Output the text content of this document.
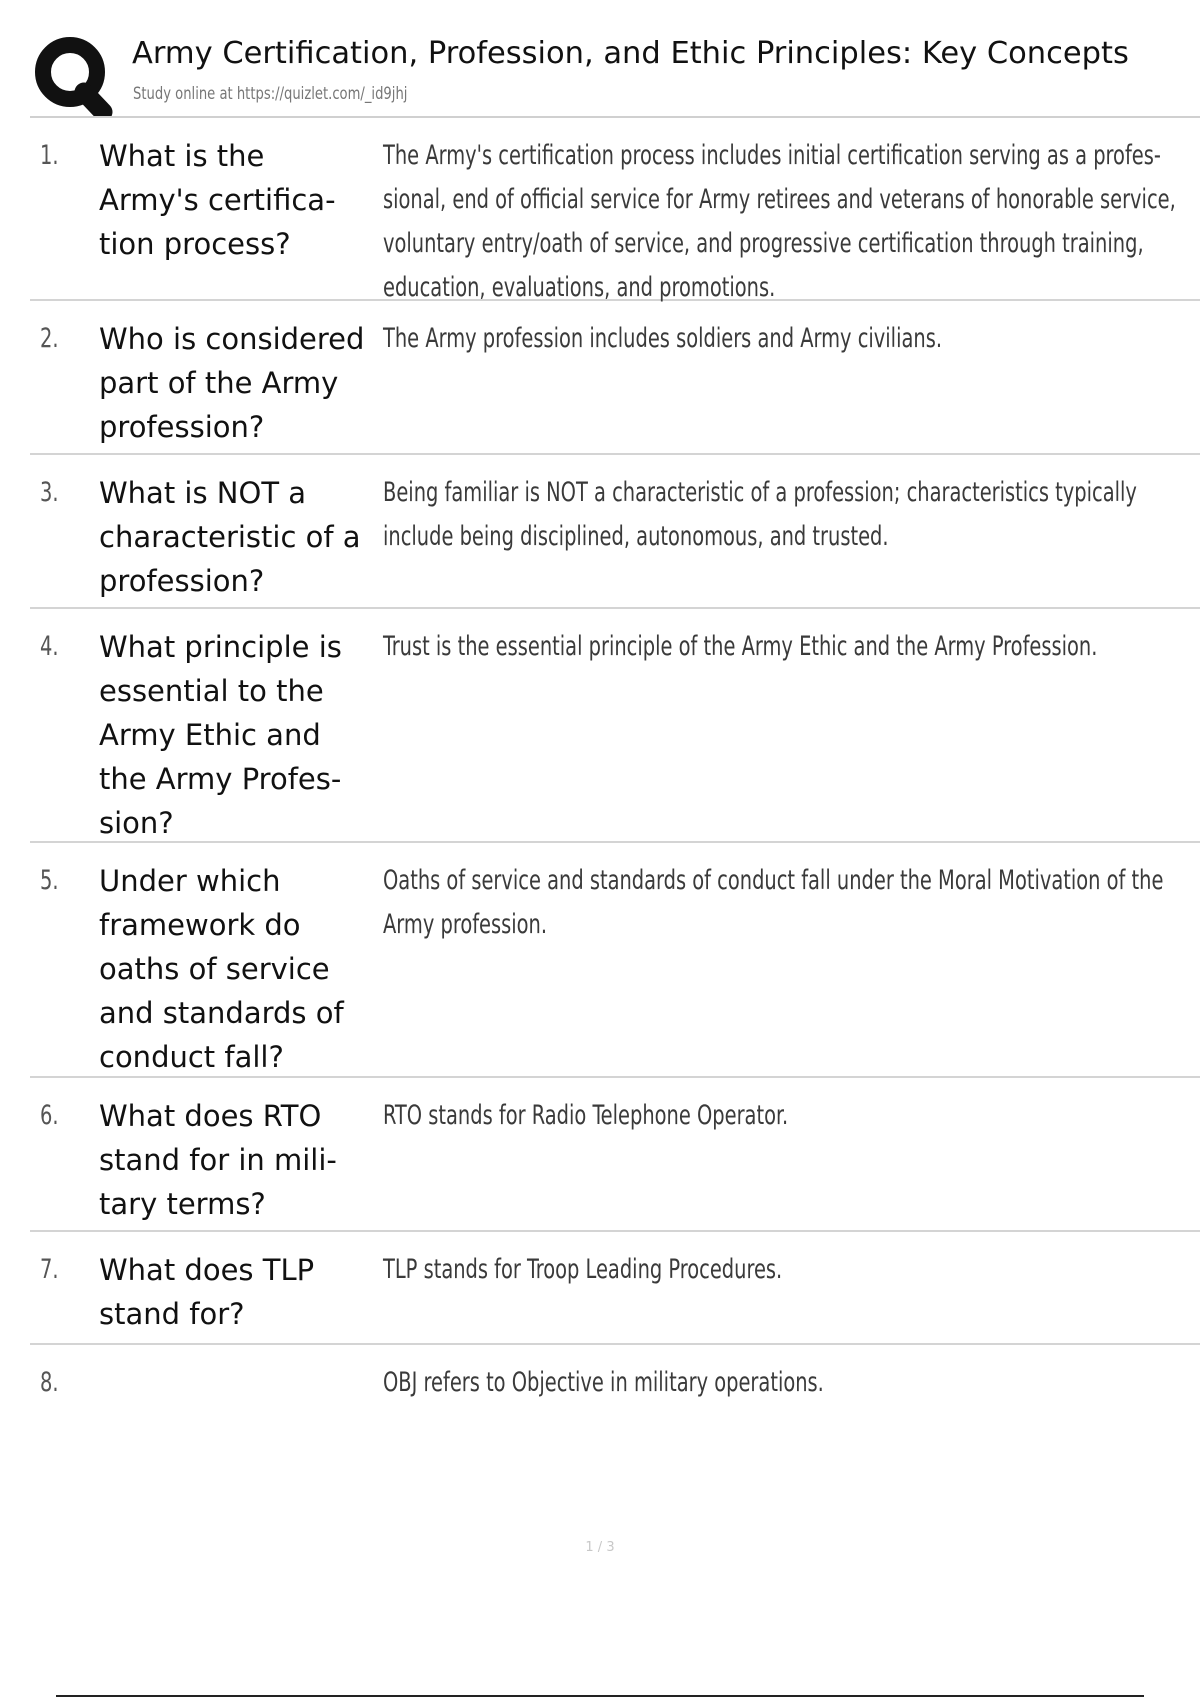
Army Certification, Profession, and Ethic Principles: Key Concepts
Study online at https://quizlet.com/_id9jhj
1. What is the
Army's certifica-
tion process?
The Army's certification process includes initial certification serving as a profes-
sional, end of official service for Army retirees and veterans of honorable service,
voluntary entry/oath of service, and progressive certification through training,
education, evaluations, and promotions.
2. Who is considered
part of the Army
profession?
The Army profession includes soldiers and Army civilians.
3. What is NOT a
characteristic of a
profession?
Being familiar is NOT a characteristic of a profession; characteristics typically
include being disciplined, autonomous, and trusted.
4. What principle is
essential to the
Army Ethic and
the Army Profes-
sion?
Trust is the essential principle of the Army Ethic and the Army Profession.
5. Under which
framework do
oaths of service
and standards of
conduct fall?
Oaths of service and standards of conduct fall under the Moral Motivation of the
Army profession.
6. What does RTO
stand for in mili-
tary terms?
RTO stands for Radio Telephone Operator.
7. What does TLP
stand for?
TLP stands for Troop Leading Procedures.
8.	OBJ refers to Objective in military operations.
1 / 3
